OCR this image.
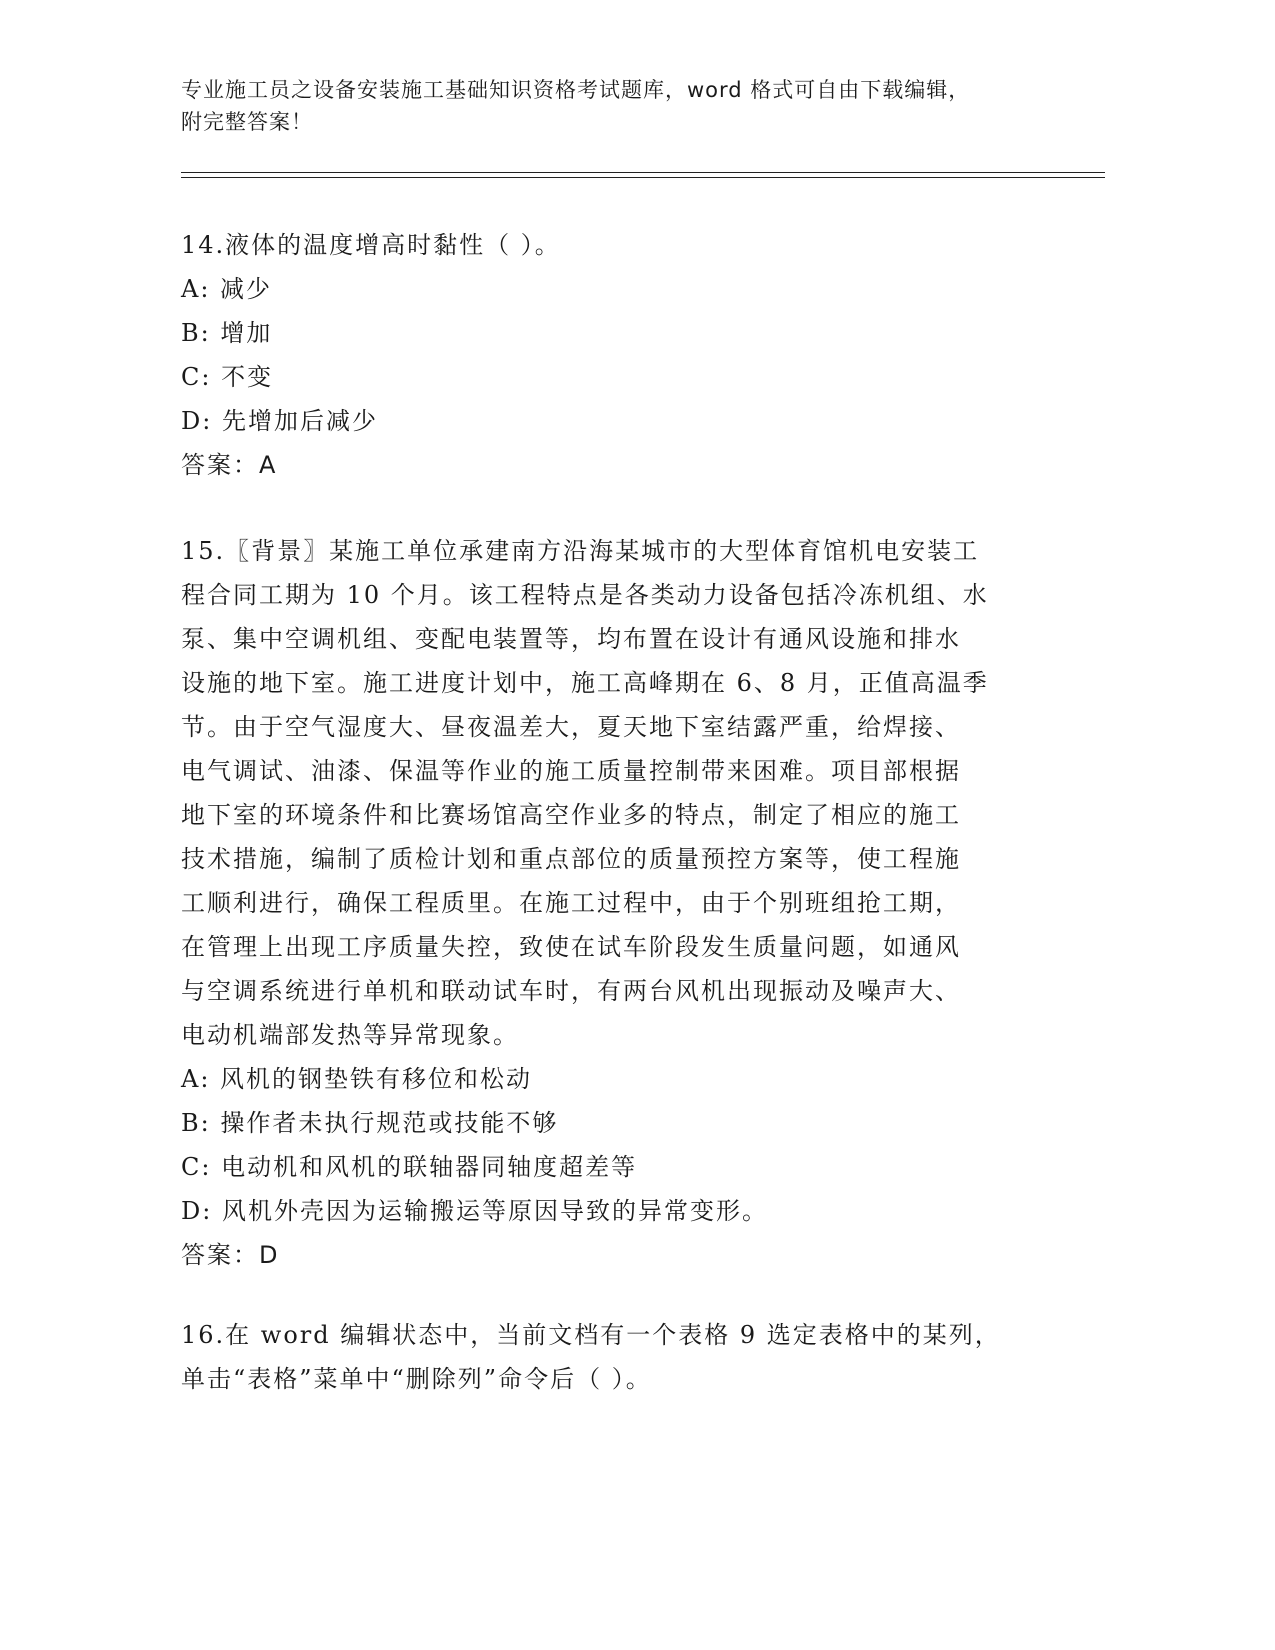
专业施工员之设备安装施工基础知识资格考试题库，word 格式可自由下载编辑，
附完整答案！
14.液体的温度增高时黏性（ ）。
A: 减少
B: 增加
C: 不变
D: 先增加后减少
答案：A
15.〖背景〗某施工单位承建南方沿海某城市的大型体育馆机电安装工
程合同工期为 10 个月。该工程特点是各类动力设备包括冷冻机组、水
泵、集中空调机组、变配电装置等，均布置在设计有通风设施和排水
设施的地下室。施工进度计划中，施工高峰期在 6、8 月，正值高温季
节。由于空气湿度大、昼夜温差大，夏天地下室结露严重，给焊接、
电气调试、油漆、保温等作业的施工质量控制带来困难。项目部根据
地下室的环境条件和比赛场馆高空作业多的特点，制定了相应的施工
技术措施，编制了质检计划和重点部位的质量预控方案等，使工程施
工顺利进行，确保工程质里。在施工过程中，由于个别班组抢工期，
在管理上出现工序质量失控，致使在试车阶段发生质量问题，如通风
与空调系统进行单机和联动试车时，有两台风机出现振动及噪声大、
电动机端部发热等异常现象。
A: 风机的钢垫铁有移位和松动
B: 操作者未执行规范或技能不够
C: 电动机和风机的联轴器同轴度超差等
D: 风机外壳因为运输搬运等原因导致的异常变形。
答案：D
16.在 word 编辑状态中，当前文档有一个表格 9 选定表格中的某列，
单击“表格”菜单中“删除列”命令后（ ）。
